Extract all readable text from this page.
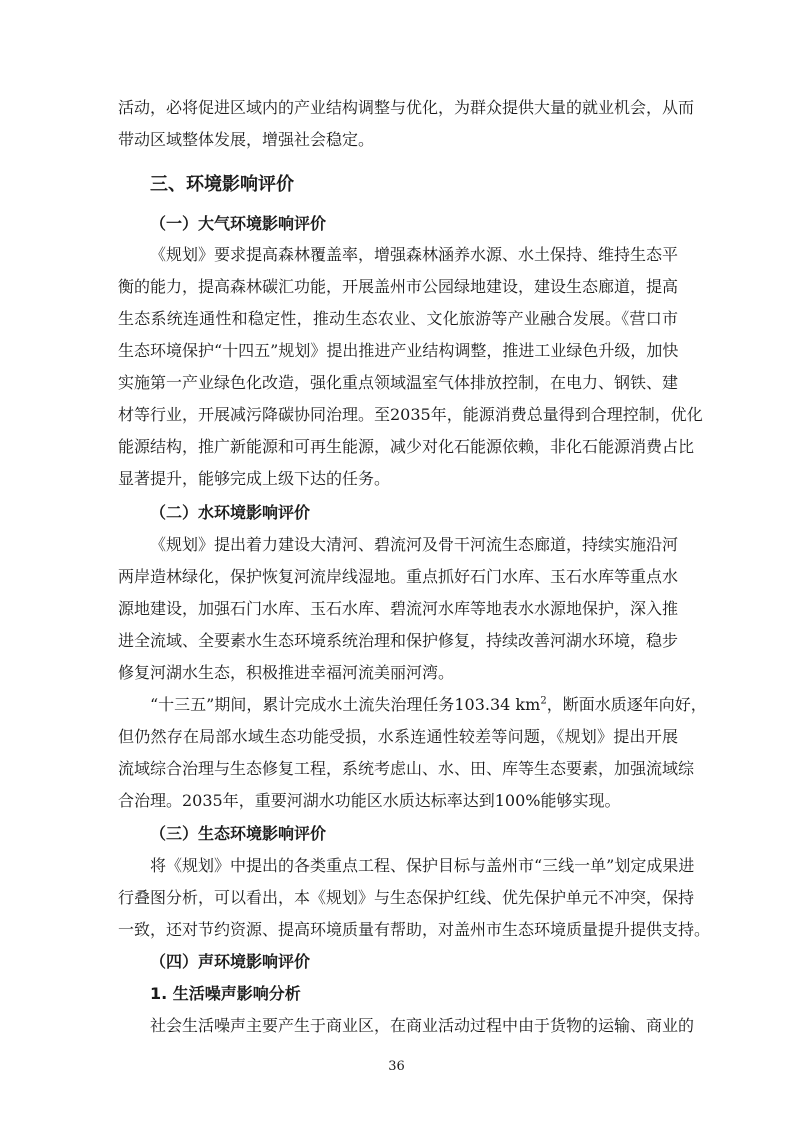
活动，必将促进区域内的产业结构调整与优化，为群众提供大量的就业机会，从而
带动区域整体发展，增强社会稳定。
三、环境影响评价
（一）大气环境影响评价
《规划》要求提高森林覆盖率，增强森林涵养水源、水土保持、维持生态平
衡的能力，提高森林碳汇功能，开展盖州市公园绿地建设，建设生态廊道，提高
生态系统连通性和稳定性，推动生态农业、文化旅游等产业融合发展。《营口市
生态环境保护“十四五”规划》提出推进产业结构调整，推进工业绿色升级，加快
实施第一产业绿色化改造，强化重点领域温室气体排放控制，在电力、钢铁、建
材等行业，开展减污降碳协同治理。至2035年，能源消费总量得到合理控制，优化
能源结构，推广新能源和可再生能源，减少对化石能源依赖，非化石能源消费占比
显著提升，能够完成上级下达的任务。
（二）水环境影响评价
《规划》提出着力建设大清河、碧流河及骨干河流生态廊道，持续实施沿河
两岸造林绿化，保护恢复河流岸线湿地。重点抓好石门水库、玉石水库等重点水
源地建设，加强石门水库、玉石水库、碧流河水库等地表水水源地保护，深入推
进全流域、全要素水生态环境系统治理和保护修复，持续改善河湖水环境，稳步
修复河湖水生态，积极推进幸福河流美丽河湾。
“十三五”期间，累计完成水土流失治理任务103.34 $km^2$，断面水质逐年向好，
但仍然存在局部水域生态功能受损，水系连通性较差等问题，《规划》提出开展
流域综合治理与生态修复工程，系统考虑山、水、田、库等生态要素，加强流域综
合治理。2035年，重要河湖水功能区水质达标率达到100%能够实现。
（三）生态环境影响评价
将《规划》中提出的各类重点工程、保护目标与盖州市“三线一单”划定成果进
行叠图分析，可以看出，本《规划》与生态保护红线、优先保护单元不冲突，保持
一致，还对节约资源、提高环境质量有帮助，对盖州市生态环境质量提升提供支持。
（四）声环境影响评价
1. 生活噪声影响分析
社会生活噪声主要产生于商业区，在商业活动过程中由于货物的运输、商业的
36
